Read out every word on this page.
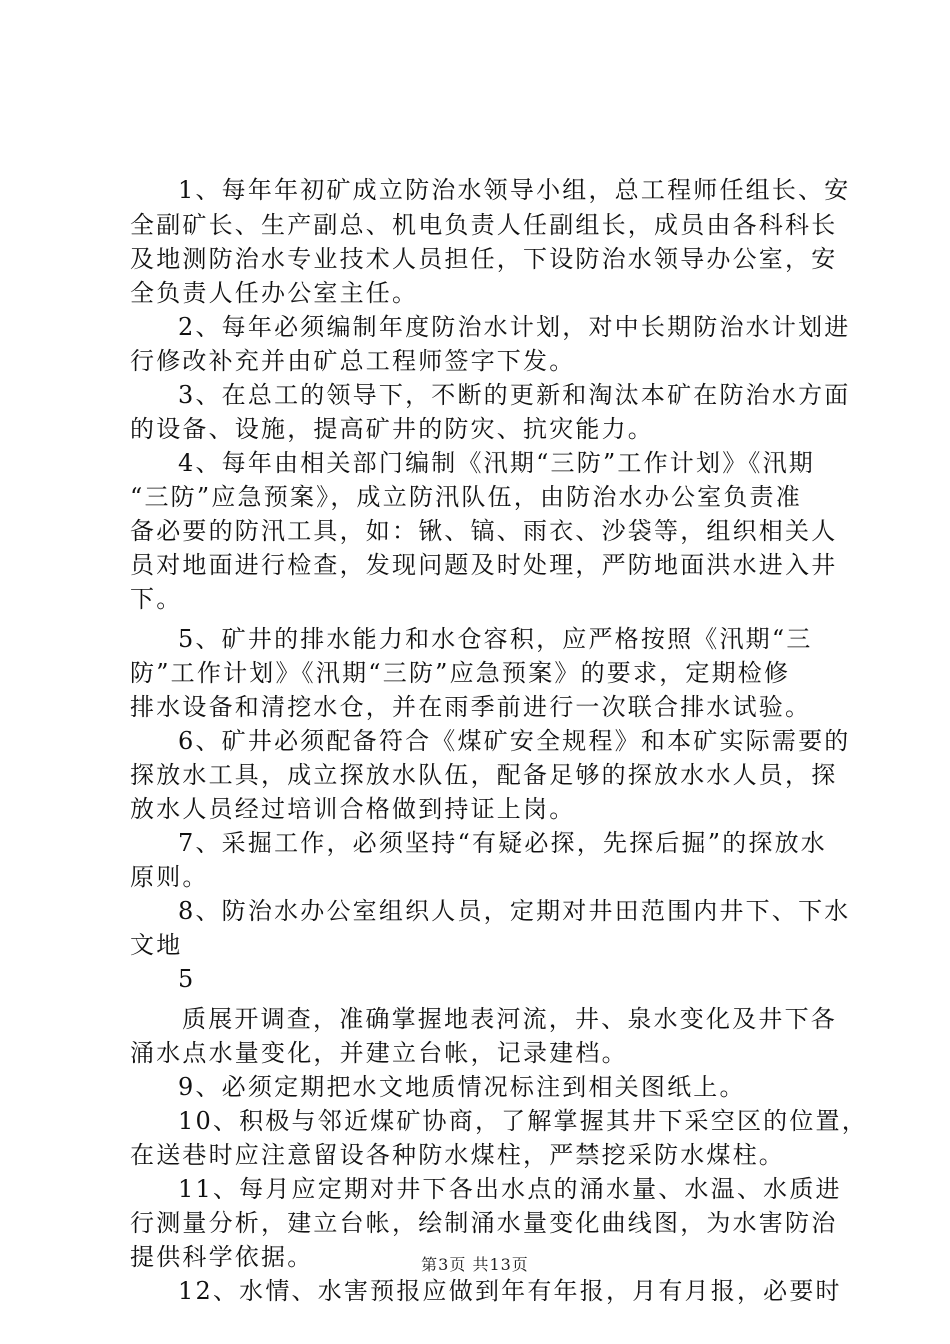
1、每年年初矿成立防治水领导小组，总工程师任组长、安
全副矿长、生产副总、机电负责人任副组长，成员由各科科长
及地测防治水专业技术人员担任，下设防治水领导办公室，安
全负责人任办公室主任。
2、每年必须编制年度防治水计划，对中长期防治水计划进
行修改补充并由矿总工程师签字下发。
3、在总工的领导下，不断的更新和淘汰本矿在防治水方面
的设备、设施，提高矿井的防灾、抗灾能力。
4、每年由相关部门编制《汛期“三防”工作计划》《汛期
“三防”应急预案》，成立防汛队伍，由防治水办公室负责准
备必要的防汛工具，如：锹、镐、雨衣、沙袋等，组织相关人
员对地面进行检查，发现问题及时处理，严防地面洪水进入井
下。
5、矿井的排水能力和水仓容积，应严格按照《汛期“三
防”工作计划》《汛期“三防”应急预案》的要求，定期检修
排水设备和清挖水仓，并在雨季前进行一次联合排水试验。
6、矿井必须配备符合《煤矿安全规程》和本矿实际需要的
探放水工具，成立探放水队伍，配备足够的探放水水人员，探
放水人员经过培训合格做到持证上岗。
7、采掘工作，必须坚持“有疑必探，先探后掘”的探放水
原则。
8、防治水办公室组织人员，定期对井田范围内井下、下水
文地
5
质展开调查，准确掌握地表河流，井、泉水变化及井下各
涌水点水量变化，并建立台帐，记录建档。
9、必须定期把水文地质情况标注到相关图纸上。
10、积极与邻近煤矿协商，了解掌握其井下采空区的位置，
在送巷时应注意留设各种防水煤柱，严禁挖采防水煤柱。
11、每月应定期对井下各出水点的涌水量、水温、水质进
行测量分析，建立台帐，绘制涌水量变化曲线图，为水害防治
提供科学依据。
12、水情、水害预报应做到年有年报，月有月报，必要时
第3页 共13页
